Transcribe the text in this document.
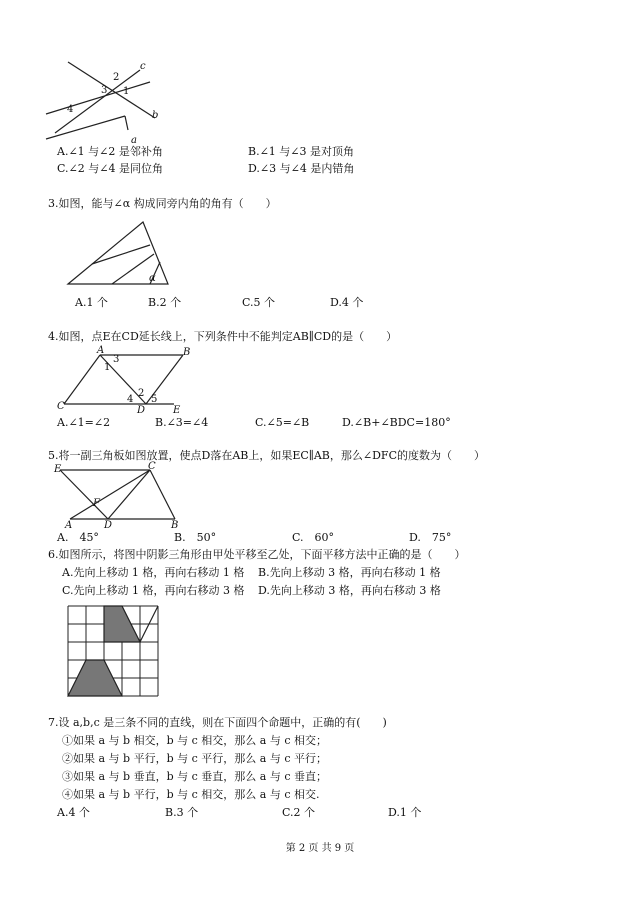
2
3 1
4
c
b
a
A.∠1 与∠2 是邻补角	B.∠1 与∠3 是对顶角
C.∠2 与∠4 是同位角	D.∠3 与∠4 是内错角
3.如图，能与∠α 构成同旁内角的角有（　　）
α
A.1 个	B.2 个	C.5 个	D.4 个
4.如图，点E在CD延长线上，下列条件中不能判定AB∥CD的是（　　）
A	B
C	D	E
1
3
2
4 5
A.∠1=∠2	B.∠3=∠4	C.∠5=∠B	D.∠B+∠BDC=180°
5.将一副三角板如图放置，使点D落在AB上，如果EC∥AB，那么∠DFC的度数为（　　）
E	C
F
A	D	B
A.　45°	B.　50°	C.　60°	D.　75°
6.如图所示，将图中阴影三角形由甲处平移至乙处，下面平移方法中正确的是（　　）
A.先向上移动 1 格，再向右移动 1 格 B.先向上移动 3 格，再向右移动 1 格
C.先向上移动 1 格，再向右移动 3 格 D.先向上移动 3 格，再向右移动 3 格
7.设 a,b,c 是三条不同的直线，则在下面四个命题中，正确的有(　　)
①如果 a 与 b 相交，b 与 c 相交，那么 a 与 c 相交；
②如果 a 与 b 平行，b 与 c 平行，那么 a 与 c 平行；
③如果 a 与 b 垂直，b 与 c 垂直，那么 a 与 c 垂直；
④如果 a 与 b 平行，b 与 c 相交，那么 a 与 c 相交.
A.4 个	B.3 个	C.2 个	D.1 个
第 2 页 共 9 页
